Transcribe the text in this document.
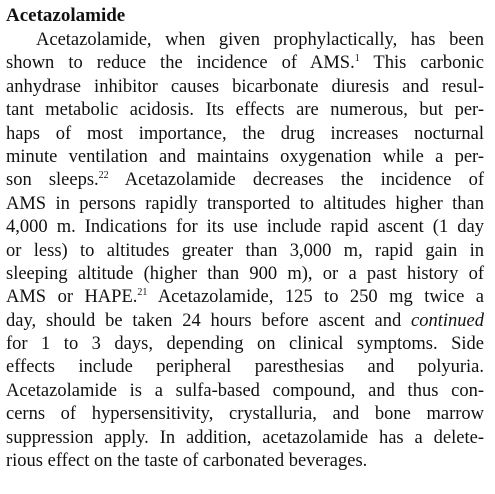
Acetazolamide
Acetazolamide, when given prophylactically, has been
shown to reduce the incidence of AMS.$^1$ This carbonic
anhydrase inhibitor causes bicarbonate diuresis and resul-
tant metabolic acidosis. Its effects are numerous, but per-
haps of most importance, the drug increases nocturnal
minute ventilation and maintains oxygenation while a per-
son sleeps.$^{22}$ Acetazolamide decreases the incidence of
AMS in persons rapidly transported to altitudes higher than
4,000 m. Indications for its use include rapid ascent (1 day
or less) to altitudes greater than 3,000 m, rapid gain in
sleeping altitude (higher than 900 m), or a past history of
AMS or HAPE.$^{21}$ Acetazolamide, 125 to 250 mg twice a
day, should be taken 24 hours before ascent and continued
for 1 to 3 days, depending on clinical symptoms. Side
effects include peripheral paresthesias and polyuria.
Acetazolamide is a sulfa-based compound, and thus con-
cerns of hypersensitivity, crystalluria, and bone marrow
suppression apply. In addition, acetazolamide has a delete-
rious effect on the taste of carbonated beverages.
